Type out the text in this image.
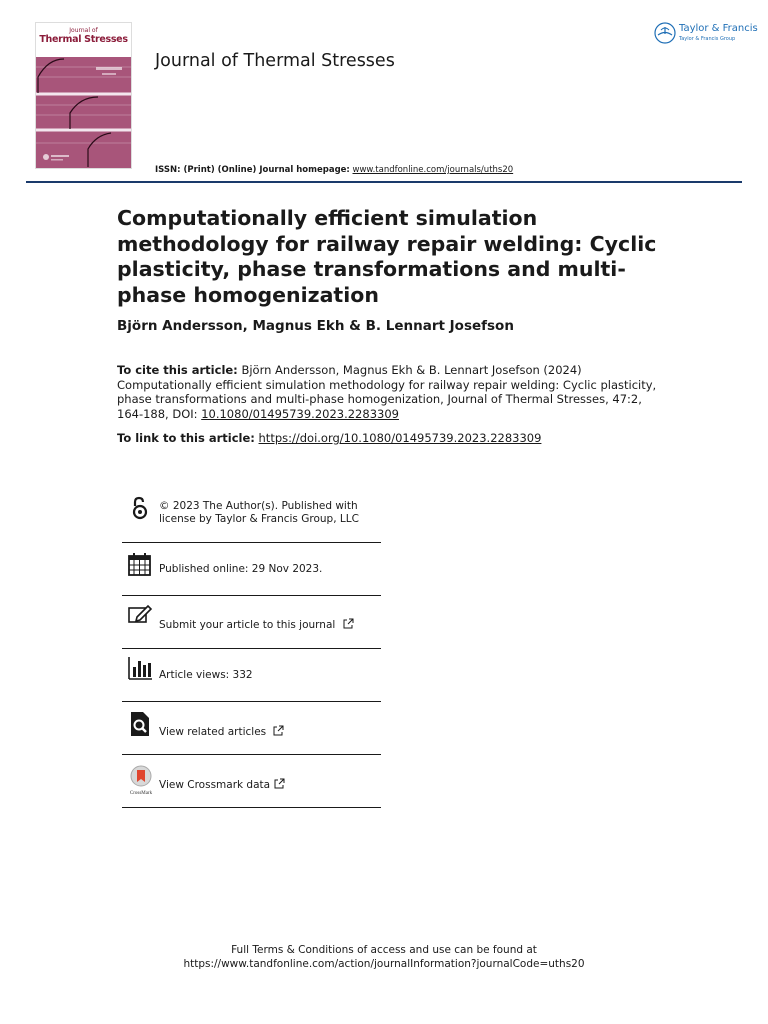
Journal of
Thermal Stresses
Taylor & Francis
Taylor & Francis Group
Journal of Thermal Stresses
ISSN: (Print) (Online) Journal homepage: www.tandfonline.com/journals/uths20
Computationally efficient simulation methodology for railway repair welding: Cyclic plasticity, phase transformations and multi-phase homogenization
Björn Andersson, Magnus Ekh & B. Lennart Josefson
To cite this article: Björn Andersson, Magnus Ekh & B. Lennart Josefson (2024) Computationally efficient simulation methodology for railway repair welding: Cyclic plasticity, phase transformations and multi-phase homogenization, Journal of Thermal Stresses, 47:2, 164-188, DOI: 10.1080/01495739.2023.2283309
To link to this article: https://doi.org/10.1080/01495739.2023.2283309
© 2023 The Author(s). Published with
license by Taylor & Francis Group, LLC
Published online: 29 Nov 2023.
Submit your article to this journal
Article views: 332
View related articles
CrossMark
View Crossmark data
Full Terms & Conditions of access and use can be found at
https://www.tandfonline.com/action/journalInformation?journalCode=uths20
